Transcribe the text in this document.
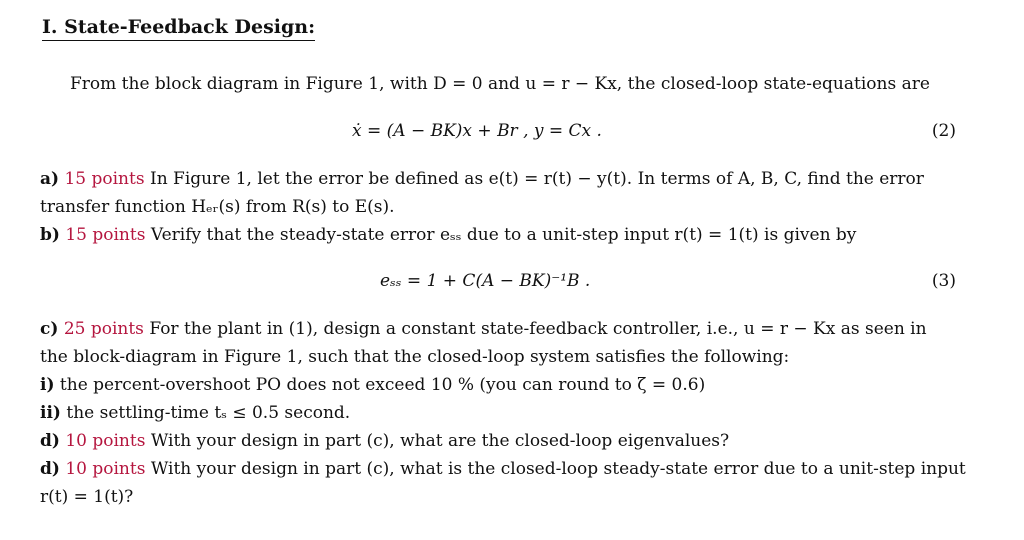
I. State-Feedback Design:
From the block diagram in Figure 1, with D = 0 and u = r − Kx, the closed-loop state-equations are
ẋ = (A − BK)x + Br , y = Cx .	(2)
a) 15 points In Figure 1, let the error be defined as e(t) = r(t) − y(t). In terms of A, B, C, find the error
transfer function Hₑᵣ(s) from R(s) to E(s).
b) 15 points Verify that the steady-state error eₛₛ due to a unit-step input r(t) = 1(t) is given by
eₛₛ = 1 + C(A − BK)⁻¹B .	(3)
c) 25 points For the plant in (1), design a constant state-feedback controller, i.e., u = r − Kx as seen in
the block-diagram in Figure 1, such that the closed-loop system satisfies the following:
i) the percent-overshoot PO does not exceed 10 % (you can round to ζ = 0.6)
ii) the settling-time tₛ ≤ 0.5 second.
d) 10 points With your design in part (c), what are the closed-loop eigenvalues?
d) 10 points With your design in part (c), what is the closed-loop steady-state error due to a unit-step input
r(t) = 1(t)?
